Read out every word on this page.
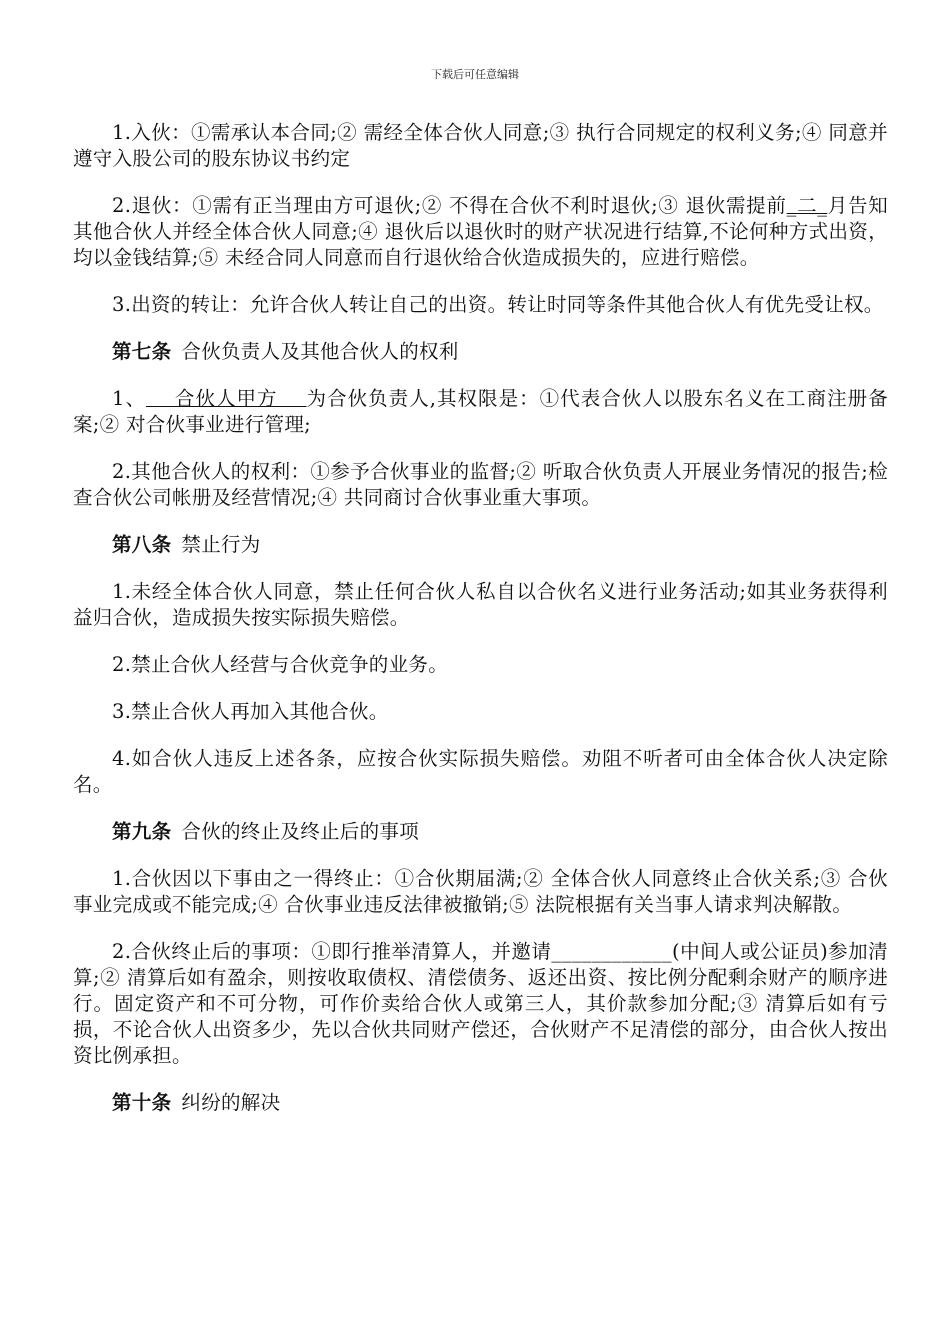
下载后可任意编辑

1.入伙：①需承认本合同;② 需经全体合伙人同意;③ 执行合同规定的权利义务;④ 同意并遵守入股公司的股东协议书约定

2.退伙：①需有正当理由方可退伙;② 不得在合伙不利时退伙;③ 退伙需提前_二_月告知其他合伙人并经全体合伙人同意;④ 退伙后以退伙时的财产状况进行结算,不论何种方式出资，均以金钱结算;⑤ 未经合同人同意而自行退伙给合伙造成损失的，应进行赔偿。

3.出资的转让：允许合伙人转让自己的出资。转让时同等条件其他合伙人有优先受让权。

第七条 合伙负责人及其他合伙人的权利

1、    合伙人甲方    为合伙负责人,其权限是：①代表合伙人以股东名义在工商注册备案;② 对合伙事业进行管理;

2.其他合伙人的权利：①参予合伙事业的监督;② 听取合伙负责人开展业务情况的报告;检查合伙公司帐册及经营情况;④ 共同商讨合伙事业重大事项。

第八条 禁止行为

1.未经全体合伙人同意，禁止任何合伙人私自以合伙名义进行业务活动;如其业务获得利益归合伙，造成损失按实际损失赔偿。

2.禁止合伙人经营与合伙竞争的业务。

3.禁止合伙人再加入其他合伙。

4.如合伙人违反上述各条，应按合伙实际损失赔偿。劝阻不听者可由全体合伙人决定除名。

第九条 合伙的终止及终止后的事项

1.合伙因以下事由之一得终止：①合伙期届满;② 全体合伙人同意终止合伙关系;③ 合伙事业完成或不能完成;④ 合伙事业违反法律被撤销;⑤ 法院根据有关当事人请求判决解散。

2.合伙终止后的事项：①即行推举清算人，并邀请____________(中间人或公证员)参加清算;② 清算后如有盈余，则按收取债权、清偿债务、返还出资、按比例分配剩余财产的顺序进行。固定资产和不可分物，可作价卖给合伙人或第三人，其价款参加分配;③ 清算后如有亏损，不论合伙人出资多少，先以合伙共同财产偿还，合伙财产不足清偿的部分，由合伙人按出资比例承担。

第十条 纠纷的解决
